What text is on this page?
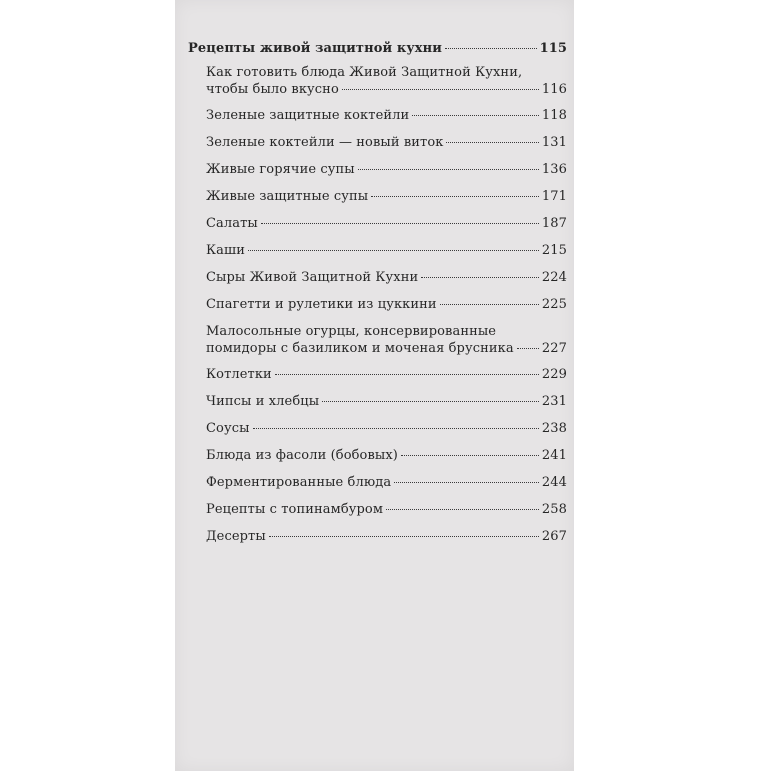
Рецепты живой защитной кухни	115
Как готовить блюда Живой Защитной Кухни,
чтобы было вкусно	116
Зеленые защитные коктейли	118
Зеленые коктейли — новый виток	131
Живые горячие супы	136
Живые защитные супы	171
Салаты	187
Каши	215
Сыры Живой Защитной Кухни	224
Спагетти и рулетики из цуккини	225
Малосольные огурцы, консервированные
помидоры с базиликом и моченая брусника 227
Котлетки	229
Чипсы и хлебцы	231
Соусы	238
Блюда из фасоли (бобовых)	241
Ферментированные блюда	244
Рецепты с топинамбуром	258
Десерты	267
